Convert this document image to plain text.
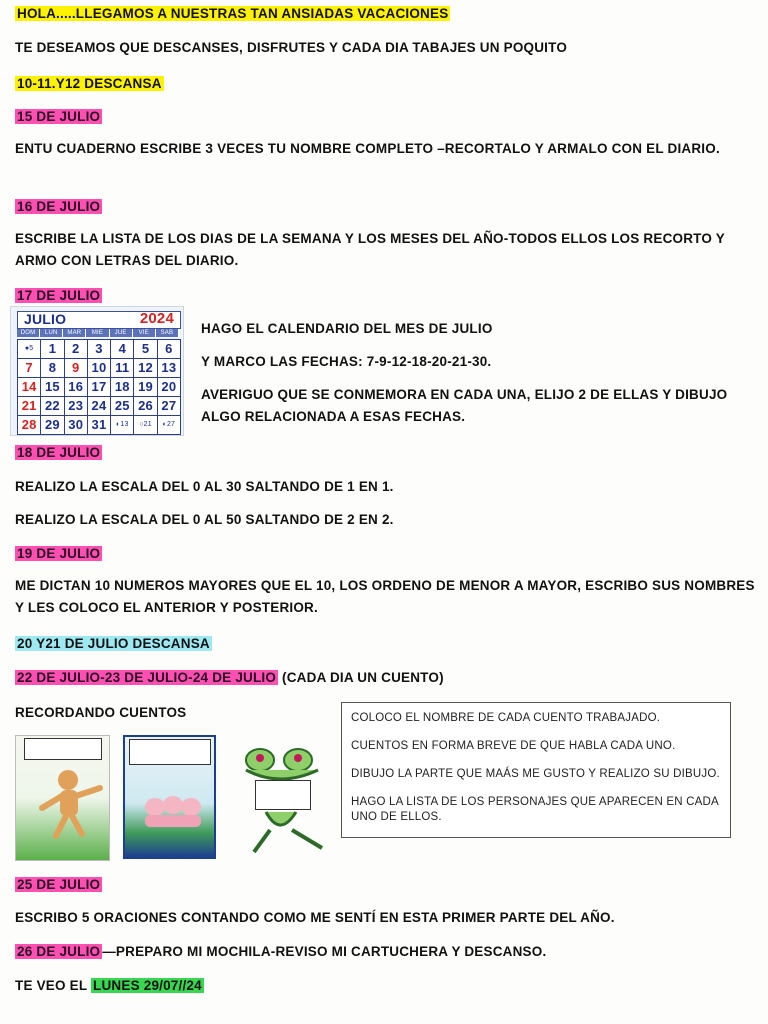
HOLA.....LLEGAMOS A NUESTRAS TAN ANSIADAS VACACIONES
TE DESEAMOS QUE DESCANSES, DISFRUTES Y CADA DIA TABAJES UN POQUITO
10-11.Y12 DESCANSA
15 DE JULIO
ENTU CUADERNO ESCRIBE 3 VECES TU NOMBRE COMPLETO –RECORTALO Y ARMALO CON EL DIARIO.
16 DE JULIO
ESCRIBE LA LISTA DE LOS DIAS DE LA SEMANA Y LOS MESES DEL AÑO-TODOS ELLOS LOS RECORTO Y ARMO CON LETRAS DEL DIARIO.
17 DE JULIO
JULIO	2024
DOM	LUN	MAR	MIE	JUE	VIE	SAB
●5	1	2	3	4	5	6
7	8	9 10 11 12 13
14 15 16 17 18 19 20
21 22 23 24 25 26 27
28 29 30 31	◐13	○21	◐27
HAGO EL CALENDARIO DEL MES DE JULIO
Y MARCO LAS FECHAS: 7-9-12-18-20-21-30.
AVERIGUO QUE SE CONMEMORA EN CADA UNA, ELIJO 2 DE ELLAS Y DIBUJO ALGO RELACIONADA A ESAS FECHAS.
18 DE JULIO
REALIZO LA ESCALA DEL 0 AL 30 SALTANDO DE 1 EN 1.
REALIZO LA ESCALA DEL 0 AL 50 SALTANDO DE 2 EN 2.
19 DE JULIO
ME DICTAN 10 NUMEROS MAYORES QUE EL 10, LOS ORDENO DE MENOR A MAYOR, ESCRIBO SUS NOMBRES Y LES COLOCO EL ANTERIOR Y POSTERIOR.
20 Y21 DE JULIO DESCANSA
22 DE JULIO-23 DE JULIO-24 DE JULIO (CADA DIA UN CUENTO)
RECORDANDO CUENTOS	COLOCO EL NOMBRE DE CADA CUENTO TRABAJADO.

CUENTOS EN FORMA BREVE DE QUE HABLA CADA UNO.

DIBUJO LA PARTE QUE MAÁS ME GUSTO Y REALIZO SU DIBUJO.

HAGO LA LISTA DE LOS PERSONAJES QUE APARECEN EN CADA UNO DE ELLOS.

25 DE JULIO
ESCRIBO 5 ORACIONES CONTANDO COMO ME SENTÍ EN ESTA PRIMER PARTE DEL AÑO.
26 DE JULIO —PREPARO MI MOCHILA-REVISO MI CARTUCHERA Y DESCANSO.
TE VEO EL LUNES 29/07//24
